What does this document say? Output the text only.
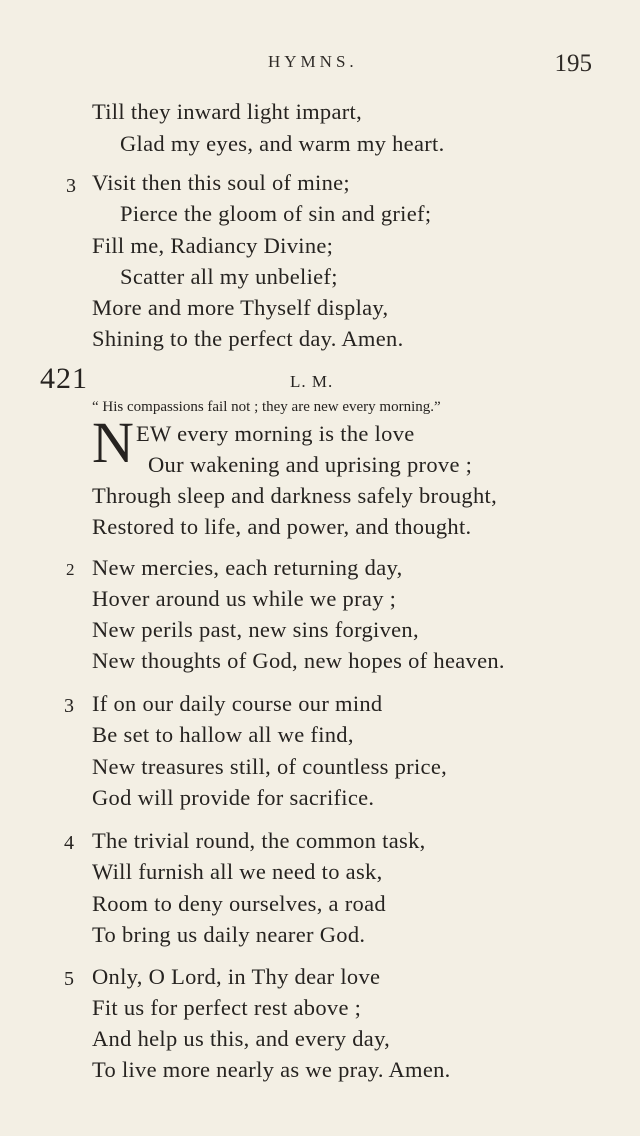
HYMNS.	195
Till they inward light impart,
Glad my eyes, and warm my heart.
3 Visit then this soul of mine;
Pierce the gloom of sin and grief;
Fill me, Radiancy Divine;
Scatter all my unbelief;
More and more Thyself display,
Shining to the perfect day. Amen.
421	L. M.
“ His compassions fail not ; they are new every morning.”
N EW every morning is the love
Our wakening and uprising prove ;
Through sleep and darkness safely brought,
Restored to life, and power, and thought.
2 New mercies, each returning day,
Hover around us while we pray ;
New perils past, new sins forgiven,
New thoughts of God, new hopes of heaven.
3 If on our daily course our mind
Be set to hallow all we find,
New treasures still, of countless price,
God will provide for sacrifice.
4 The trivial round, the common task,
Will furnish all we need to ask,
Room to deny ourselves, a road
To bring us daily nearer God.
5 Only, O Lord, in Thy dear love
Fit us for perfect rest above ;
And help us this, and every day,
To live more nearly as we pray. Amen.
